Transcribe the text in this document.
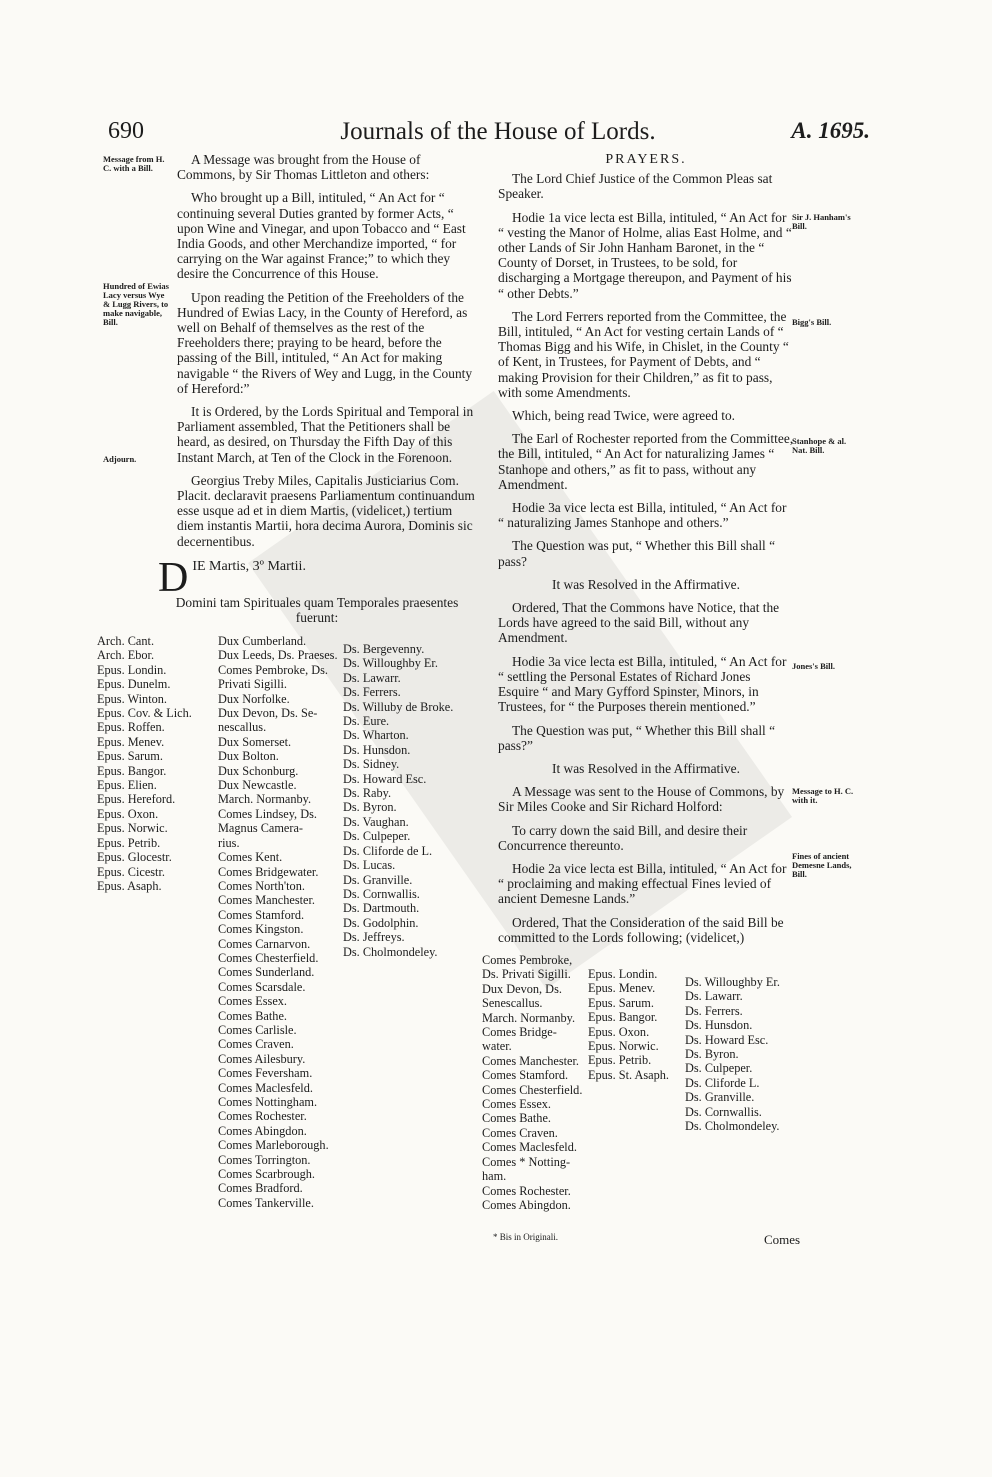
690	Journals of the House of Lords.	A. 1695.
Message from H. C. with a Bill.
Hundred of Ewias Lacy versus Wye & Lugg Rivers, to make navigable, Bill.
Adjourn.

A Message was brought from the House of Commons, by Sir Thomas Littleton and others:

Who brought up a Bill, intituled, “ An Act for “ continuing several Duties granted by former Acts, “ upon Wine and Vinegar, and upon Tobacco and “ East India Goods, and other Merchandize imported, “ for carrying on the War against France;” to which they desire the Concurrence of this House.

Upon reading the Petition of the Freeholders of the Hundred of Ewias Lacy, in the County of Hereford, as well on Behalf of themselves as the rest of the Freeholders there; praying to be heard, before the passing of the Bill, intituled, “ An Act for making navigable “ the Rivers of Wey and Lugg, in the County of Hereford:”

It is Ordered, by the Lords Spiritual and Temporal in Parliament assembled, That the Petitioners shall be heard, as desired, on Thursday the Fifth Day of this Instant March, at Ten of the Clock in the Forenoon.

Georgius Treby Miles, Capitalis Justiciarius Com. Placit. declaravit praesens Parliamentum continuandum esse usque ad et in diem Martis, (videlicet,) tertium diem instantis Martii, hora decima Aurora, Dominis sic decernentibus.

DIE Martis, 3º Martii.
Domini tam Spirituales quam Temporales praesentes fuerunt:
Arch. Cant.
Arch. Ebor.
Epus. Londin.
Epus. Dunelm.
Epus. Winton.
Epus. Cov. & Lich.
Epus. Roffen.
Epus. Menev.
Epus. Sarum.
Epus. Bangor.
Epus. Elien.
Epus. Hereford.
Epus. Oxon.
Epus. Norwic.
Epus. Petrib.
Epus. Glocestr.
Epus. Cicestr.
Epus. Asaph.
Dux Cumberland.
Dux Leeds, Ds. Praeses.
Comes Pembroke, Ds.
Privati Sigilli.
Dux Norfolke.
Dux Devon, Ds. Se-
nescallus.
Dux Somerset.
Dux Bolton.
Dux Schonburg.
Dux Newcastle.
March. Normanby.
Comes Lindsey, Ds.
Magnus Camera-
rius.
Comes Kent.
Comes Bridgewater.
Comes North'ton.
Comes Manchester.
Comes Stamford.
Comes Kingston.
Comes Carnarvon.
Comes Chesterfield.
Comes Sunderland.
Comes Scarsdale.
Comes Essex.
Comes Bathe.
Comes Carlisle.
Comes Craven.
Comes Ailesbury.
Comes Feversham.
Comes Maclesfeld.
Comes Nottingham.
Comes Rochester.
Comes Abingdon.
Comes Marleborough.
Comes Torrington.
Comes Scarbrough.
Comes Bradford.
Comes Tankerville.
Ds. Bergevenny.
Ds. Willoughby Er.
Ds. Lawarr.
Ds. Ferrers.
Ds. Willuby de Broke.
Ds. Eure.
Ds. Wharton.
Ds. Hunsdon.
Ds. Sidney.
Ds. Howard Esc.
Ds. Raby.
Ds. Byron.
Ds. Vaughan.
Ds. Culpeper.
Ds. Cliforde de L.
Ds. Lucas.
Ds. Granville.
Ds. Cornwallis.
Ds. Dartmouth.
Ds. Godolphin.
Ds. Jeffreys.
Ds. Cholmondeley.
Sir J. Hanham's Bill.
Bigg's Bill.
Stanhope & al. Nat. Bill.
Jones's Bill.
Message to H. C. with it.
Fines of ancient Demesne Lands, Bill.
PRAYERS.

The Lord Chief Justice of the Common Pleas sat Speaker.

Hodie 1a vice lecta est Billa, intituled, “ An Act for “ vesting the Manor of Holme, alias East Holme, and “ other Lands of Sir John Hanham Baronet, in the “ County of Dorset, in Trustees, to be sold, for discharging a Mortgage thereupon, and Payment of his “ other Debts.”

The Lord Ferrers reported from the Committee, the Bill, intituled, “ An Act for vesting certain Lands of “ Thomas Bigg and his Wife, in Chislet, in the County “ of Kent, in Trustees, for Payment of Debts, and “ making Provision for their Children,” as fit to pass, with some Amendments.

Which, being read Twice, were agreed to.

The Earl of Rochester reported from the Committee, the Bill, intituled, “ An Act for naturalizing James “ Stanhope and others,” as fit to pass, without any Amendment.

Hodie 3a vice lecta est Billa, intituled, “ An Act for “ naturalizing James Stanhope and others.”

The Question was put, “ Whether this Bill shall “ pass?

It was Resolved in the Affirmative.

Ordered, That the Commons have Notice, that the Lords have agreed to the said Bill, without any Amendment.

Hodie 3a vice lecta est Billa, intituled, “ An Act for “ settling the Personal Estates of Richard Jones Esquire “ and Mary Gyfford Spinster, Minors, in Trustees, for “ the Purposes therein mentioned.”

The Question was put, “ Whether this Bill shall “ pass?”

It was Resolved in the Affirmative.

A Message was sent to the House of Commons, by Sir Miles Cooke and Sir Richard Holford:

To carry down the said Bill, and desire their Concurrence thereunto.

Hodie 2a vice lecta est Billa, intituled, “ An Act for “ proclaiming and making effectual Fines levied of ancient Demesne Lands.”

Ordered, That the Consideration of the said Bill be committed to the Lords following; (videlicet,)

Comes Pembroke,
Ds. Privati Sigilli.
Dux Devon, Ds.
Senescallus.
March. Normanby.
Comes Bridge-
water.
Comes Manchester.
Comes Stamford.
Comes Chesterfield.
Comes Essex.
Comes Bathe.
Comes Craven.
Comes Maclesfeld.
Comes * Notting-
ham.
Comes Rochester.
Comes Abingdon.
Epus. Londin.
Epus. Menev.
Epus. Sarum.
Epus. Bangor.
Epus. Oxon.
Epus. Norwic.
Epus. Petrib.
Epus. St. Asaph.
Ds. Willoughby Er.
Ds. Lawarr.
Ds. Ferrers.
Ds. Hunsdon.
Ds. Howard Esc.
Ds. Byron.
Ds. Culpeper.
Ds. Cliforde L.
Ds. Granville.
Ds. Cornwallis.
Ds. Cholmondeley.
* Bis in Originali.	Comes
